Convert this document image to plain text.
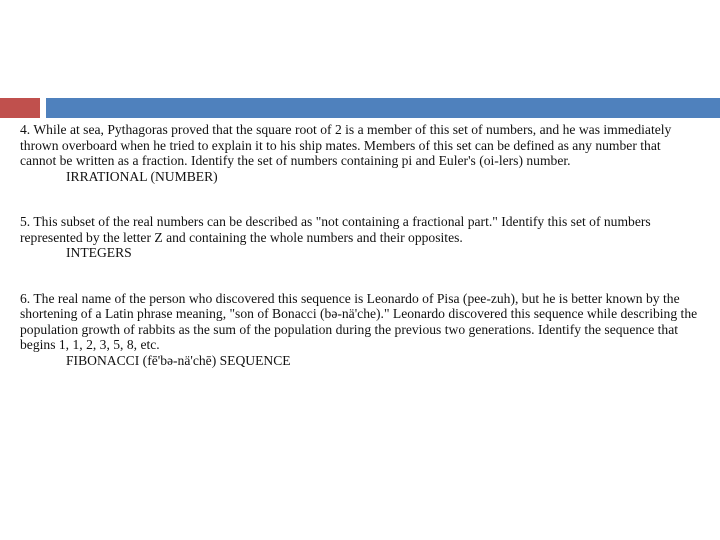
4. While at sea, Pythagoras proved that the square root of 2 is a member of this set of numbers, and he was immediately thrown overboard when he tried to explain it to his ship mates. Members of this set can be defined as any number that cannot be written as a fraction. Identify the set of numbers containing pi and Euler's (oi-lers) number.

IRRATIONAL (NUMBER)

5. This subset of the real numbers can be described as "not containing a fractional part." Identify this set of numbers represented by the letter Z and containing the whole numbers and their opposites.

INTEGERS

6. The real name of the person who discovered this sequence is Leonardo of Pisa (pee-zuh), but he is better known by the shortening of a Latin phrase meaning, "son of Bonacci (bə-nä'che)." Leonardo discovered this sequence while describing the population growth of rabbits as the sum of the population during the previous two generations. Identify the sequence that begins 1, 1, 2, 3, 5, 8, etc.

FIBONACCI (fē'bə-nä'chē) SEQUENCE
